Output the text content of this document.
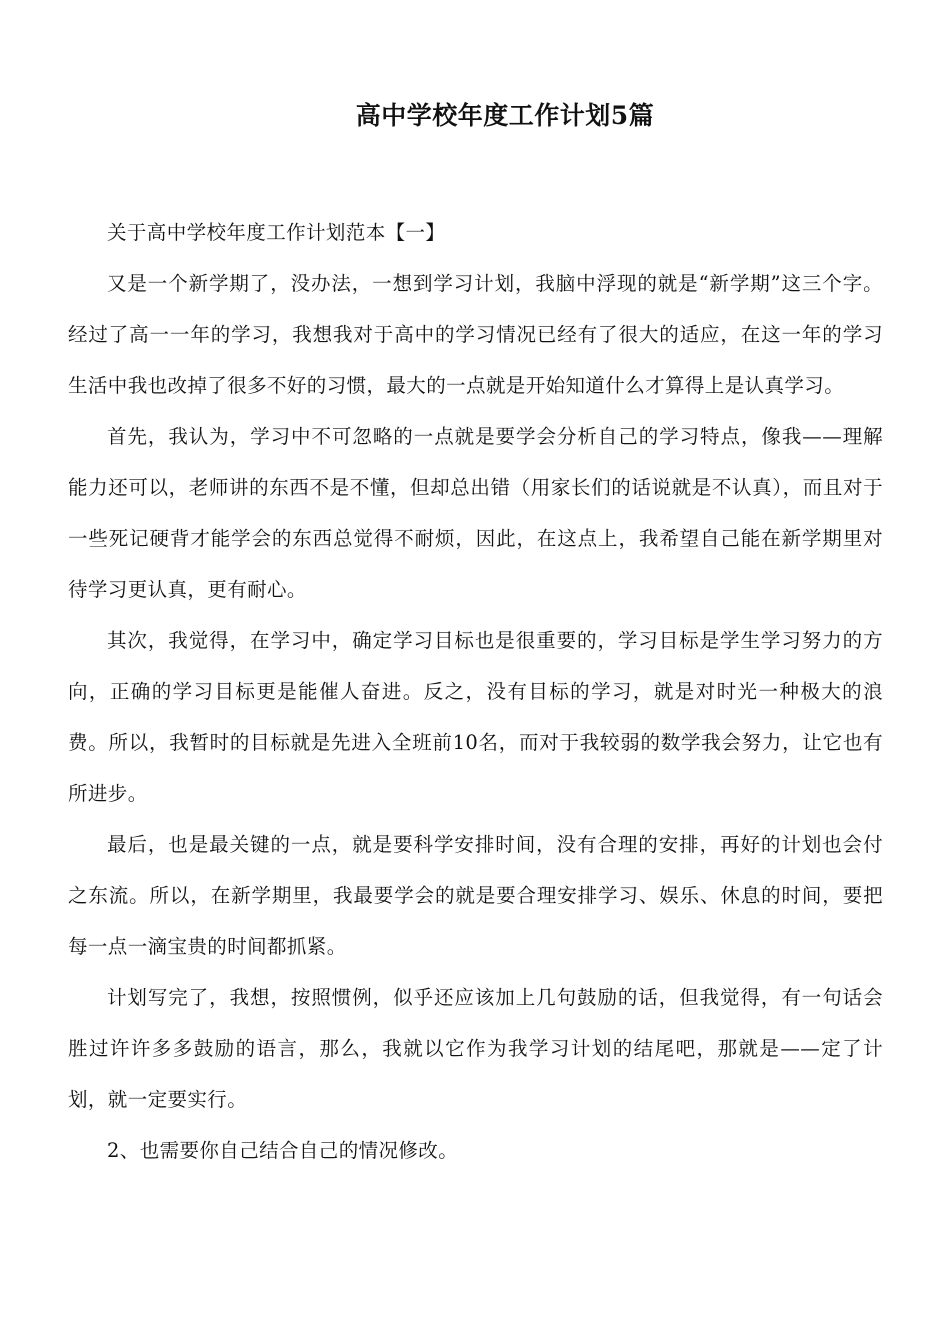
高中学校年度工作计划5篇

关于高中学校年度工作计划范本【一】

又是一个新学期了，没办法，一想到学习计划，我脑中浮现的就是“新学期”这三个字。经过了高一一年的学习，我想我对于高中的学习情况已经有了很大的适应，在这一年的学习生活中我也改掉了很多不好的习惯，最大的一点就是开始知道什么才算得上是认真学习。

首先，我认为，学习中不可忽略的一点就是要学会分析自己的学习特点，像我——理解能力还可以，老师讲的东西不是不懂，但却总出错（用家长们的话说就是不认真），而且对于一些死记硬背才能学会的东西总觉得不耐烦，因此，在这点上，我希望自己能在新学期里对待学习更认真，更有耐心。

其次，我觉得，在学习中，确定学习目标也是很重要的，学习目标是学生学习努力的方向，正确的学习目标更是能催人奋进。反之，没有目标的学习，就是对时光一种极大的浪费。所以，我暂时的目标就是先进入全班前10名，而对于我较弱的数学我会努力，让它也有所进步。

最后，也是最关键的一点，就是要科学安排时间，没有合理的安排，再好的计划也会付之东流。所以，在新学期里，我最要学会的就是要合理安排学习、娱乐、休息的时间，要把每一点一滴宝贵的时间都抓紧。

计划写完了，我想，按照惯例，似乎还应该加上几句鼓励的话，但我觉得，有一句话会胜过许许多多鼓励的语言，那么，我就以它作为我学习计划的结尾吧，那就是——定了计划，就一定要实行。

2、也需要你自己结合自己的情况修改。
